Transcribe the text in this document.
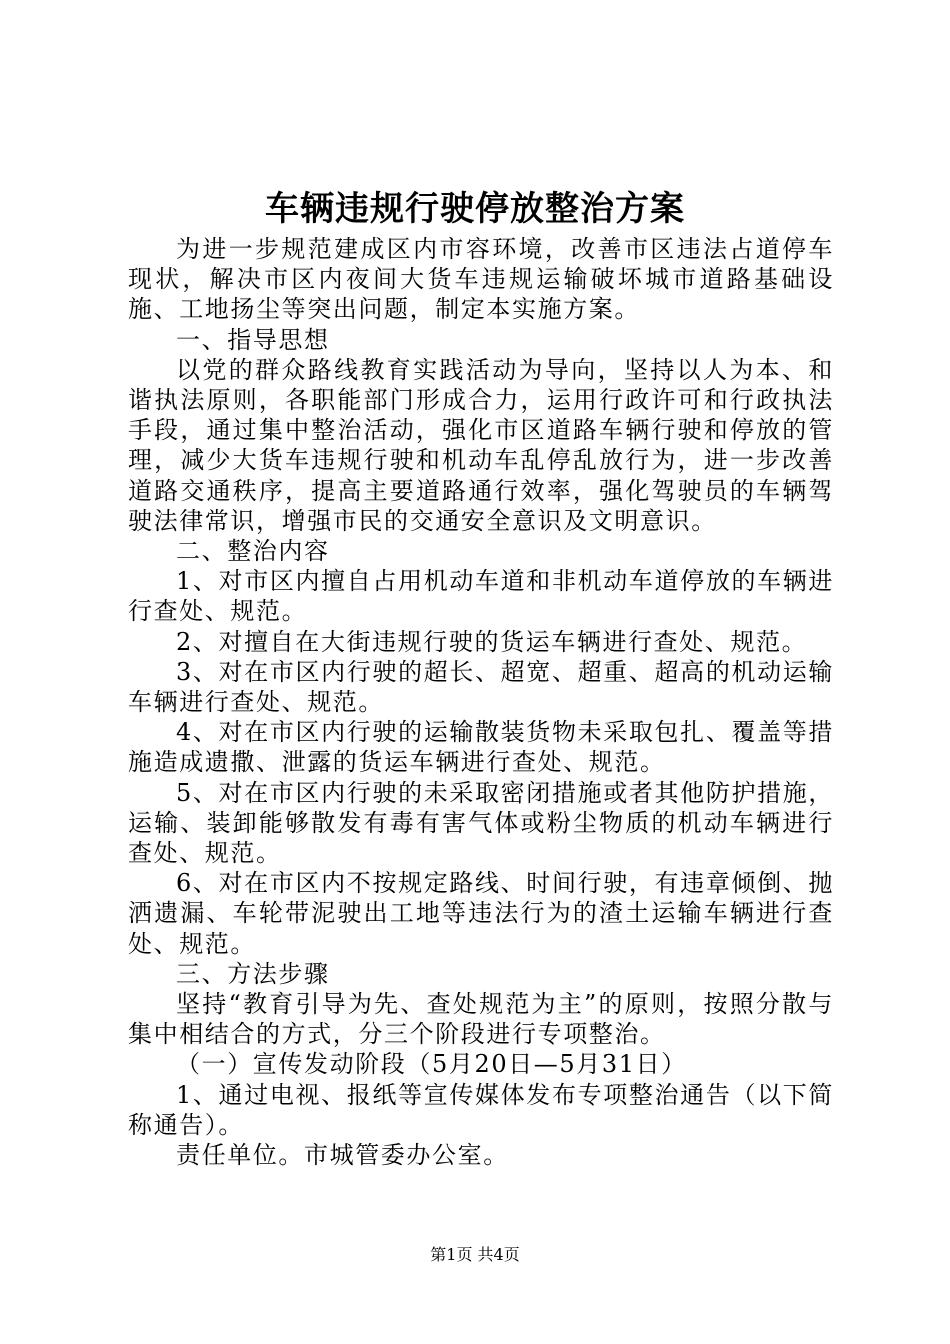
车辆违规行驶停放整治方案

为进一步规范建成区内市容环境，改善市区违法占道停车现状，解决市区内夜间大货车违规运输破坏城市道路基础设施、工地扬尘等突出问题，制定本实施方案。

一、指导思想

以党的群众路线教育实践活动为导向，坚持以人为本、和谐执法原则，各职能部门形成合力，运用行政许可和行政执法手段，通过集中整治活动，强化市区道路车辆行驶和停放的管理，减少大货车违规行驶和机动车乱停乱放行为，进一步改善道路交通秩序，提高主要道路通行效率，强化驾驶员的车辆驾驶法律常识，增强市民的交通安全意识及文明意识。

二、整治内容

1、对市区内擅自占用机动车道和非机动车道停放的车辆进行查处、规范。

2、对擅自在大街违规行驶的货运车辆进行查处、规范。

3、对在市区内行驶的超长、超宽、超重、超高的机动运输车辆进行查处、规范。

4、对在市区内行驶的运输散装货物未采取包扎、覆盖等措施造成遗撒、泄露的货运车辆进行查处、规范。

5、对在市区内行驶的未采取密闭措施或者其他防护措施，运输、装卸能够散发有毒有害气体或粉尘物质的机动车辆进行查处、规范。

6、对在市区内不按规定路线、时间行驶，有违章倾倒、抛洒遗漏、车轮带泥驶出工地等违法行为的渣土运输车辆进行查处、规范。

三、方法步骤

坚持“教育引导为先、查处规范为主”的原则，按照分散与集中相结合的方式，分三个阶段进行专项整治。

（一）宣传发动阶段（5月20日—5月31日）

1、通过电视、报纸等宣传媒体发布专项整治通告（以下简称通告）。

责任单位。市城管委办公室。

第1页 共4页
